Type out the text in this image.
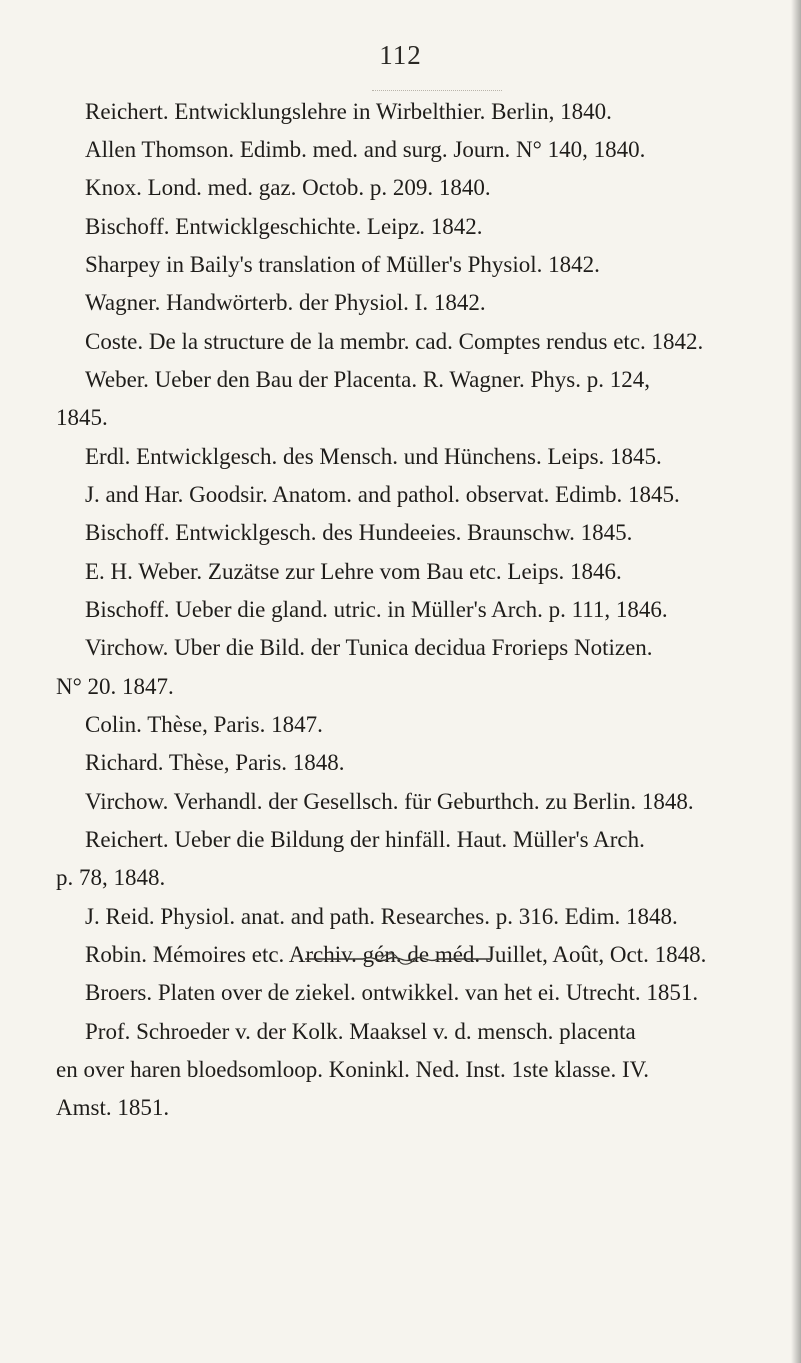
112
Reichert. Entwicklungslehre in Wirbelthier. Berlin, 1840.
Allen Thomson. Edimb. med. and surg. Journ. N° 140, 1840.
Knox. Lond. med. gaz. Octob. p. 209. 1840.
Bischoff. Entwicklgeschichte. Leipz. 1842.
Sharpey in Baily's translation of Müller's Physiol. 1842.
Wagner. Handwörterb. der Physiol. I. 1842.
Coste. De la structure de la membr. cad. Comptes rendus etc. 1842.
Weber. Ueber den Bau der Placenta. R. Wagner. Phys. p. 124,
1845.
Erdl. Entwicklgesch. des Mensch. und Hünchens. Leips. 1845.
J. and Har. Goodsir. Anatom. and pathol. observat. Edimb. 1845.
Bischoff. Entwicklgesch. des Hundeeies. Braunschw. 1845.
E. H. Weber. Zuzätse zur Lehre vom Bau etc. Leips. 1846.
Bischoff. Ueber die gland. utric. in Müller's Arch. p. 111, 1846.
Virchow. Uber die Bild. der Tunica decidua Frorieps Notizen.
N° 20. 1847.
Colin. Thèse, Paris. 1847.
Richard. Thèse, Paris. 1848.
Virchow. Verhandl. der Gesellsch. für Geburthch. zu Berlin. 1848.
Reichert. Ueber die Bildung der hinfäll. Haut. Müller's Arch.
p. 78, 1848.
J. Reid. Physiol. anat. and path. Researches. p. 316. Edim. 1848.
Robin. Mémoires etc. Archiv. gén. de méd. Juillet, Août, Oct. 1848.
Broers. Platen over de ziekel. ontwikkel. van het ei. Utrecht. 1851.
Prof. Schroeder v. der Kolk. Maaksel v. d. mensch. placenta
en over haren bloedsomloop. Koninkl. Ned. Inst. 1ste klasse. IV.
Amst. 1851.
